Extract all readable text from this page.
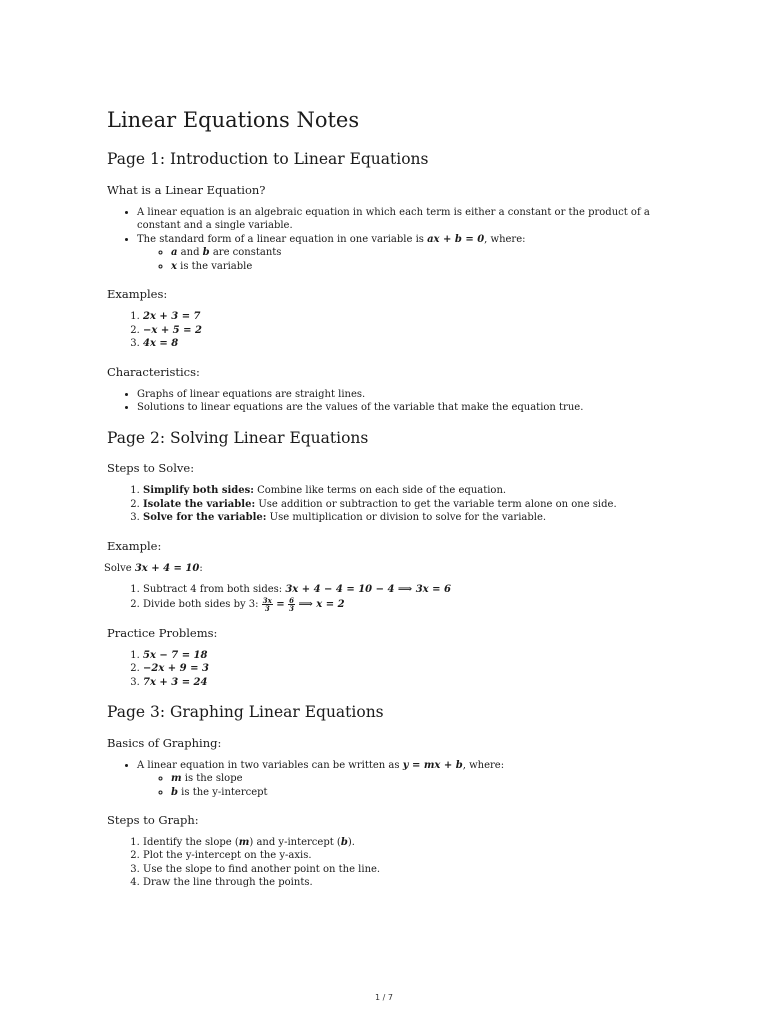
Linear Equations Notes
Page 1: Introduction to Linear Equations
What is a Linear Equation?
• A linear equation is an algebraic equation in which each term is either a constant or the product of a constant and a single variable.
• The standard form of a linear equation in one variable is ax + b = 0, where:
◦ a and b are constants
◦ x is the variable
Examples:
1. 2x + 3 = 7
2. −x + 5 = 2
3. 4x = 8
Characteristics:
• Graphs of linear equations are straight lines.
• Solutions to linear equations are the values of the variable that make the equation true.
Page 2: Solving Linear Equations
Steps to Solve:
1. Simplify both sides: Combine like terms on each side of the equation.
2. Isolate the variable: Use addition or subtraction to get the variable term alone on one side.
3. Solve for the variable: Use multiplication or division to solve for the variable.
Example:

Solve 3x + 4 = 10:

1. Subtract 4 from both sides: 3x + 4 − 4 = 10 − 4 ⟹ 3x = 6
2. Divide both sides by 3: $\frac{3x}{3} = \frac{6}{3}$ ⟹ x = 2
Practice Problems:
1. 5x − 7 = 18
2. −2x + 9 = 3
3. 7x + 3 = 24
Page 3: Graphing Linear Equations
Basics of Graphing:
• A linear equation in two variables can be written as y = mx + b, where:
◦ m is the slope
◦ b is the y-intercept
Steps to Graph:
1. Identify the slope (m) and y-intercept (b).
2. Plot the y-intercept on the y-axis.
3. Use the slope to find another point on the line.
4. Draw the line through the points.
1 / 7
